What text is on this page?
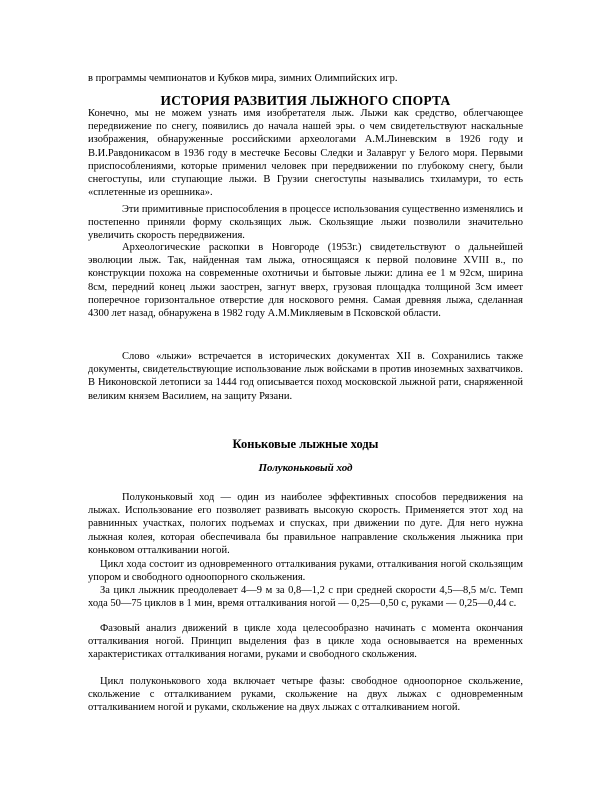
в программы чемпионатов и Кубков мира, зимних Олимпийских игр.

ИСТОРИЯ РАЗВИТИЯ ЛЫЖНОГО СПОРТА

Конечно, мы не можем узнать имя изобретателя лыж. Лыжи как средство, облегчающее передвижение по снегу, появились до начала нашей эры. о чем свидетельствуют наскальные изображения, обнаруженные российскими археологами А.М.Линевским в 1926 году и В.И.Равдоникасом в 1936 году в местечке Бесовы Следки и Залавруг у Белого моря. Первыми приспособлениями, которые применил человек при передвижении по глубокому снегу, были снегоступы, или ступающие лыжи. В Грузии снегоступы назывались тхиламури, то есть «сплетенные из орешника».

Эти примитивные приспособления в процессе использования существенно изменялись и постепенно приняли форму скользящих лыж. Скользящие лыжи позволили значительно увеличить скорость передвижения.

Археологические раскопки в Новгороде (1953г.) свидетельствуют о дальнейшей эволюции лыж. Так, найденная там лыжа, относящаяся к первой половине XVIII в., по конструкции похожа на современные охотничьи и бытовые лыжи: длина ее 1 м 92см, ширина 8см, передний конец лыжи заострен, загнут вверх, грузовая площадка толщиной 3см имеет поперечное горизонтальное отверстие для носкового ремня. Самая древняя лыжа, сделанная 4300 лет назад, обнаружена в 1982 году А.М.Микляевым в Псковской области.

Слово «лыжи» встречается в исторических документах XII в. Сохранились также документы, свидетельствующие использование лыж войсками в против иноземных захватчиков. В Никоновской летописи за 1444 год описывается поход московской лыжной рати, снаряженной великим князем Василием, на защиту Рязани.

Коньковые лыжные ходы
Полуконьковый ход

Полуконьковый ход — один из наиболее эффективных способов передвижения на лыжах. Использование его позволяет развивать высокую скорость. Применяется этот ход на равнинных участках, пологих подъемах и спусках, при движении по дуге. Для него нужна лыжная колея, которая обеспечивала бы правильное направление скольжения лыжника при коньковом отталкивании ногой.

Цикл хода состоит из одновременного отталкивания руками, отталкивания ногой скользящим упором и свободного одноопорного скольжения.

За цикл лыжник преодолевает 4—9 м за 0,8—1,2 с при средней скорости 4,5—8,5 м/с. Темп хода 50—75 циклов в 1 мин, время отталкивания ногой — 0,25—0,50 с, руками — 0,25—0,44 с.

Фазовый анализ движений в цикле хода целесообразно начинать с момента окончания отталкивания ногой. Принцип выделения фаз в цикле хода основывается на временных характеристиках отталкивания ногами, руками и свободного скольжения.

Цикл полуконькового хода включает четыре фазы: свободное одноопорное скольжение, скольжение с отталкиванием руками, скольжение на двух лыжах с одновременным отталкиванием ногой и руками, скольжение на двух лыжах с отталкиванием ногой.
